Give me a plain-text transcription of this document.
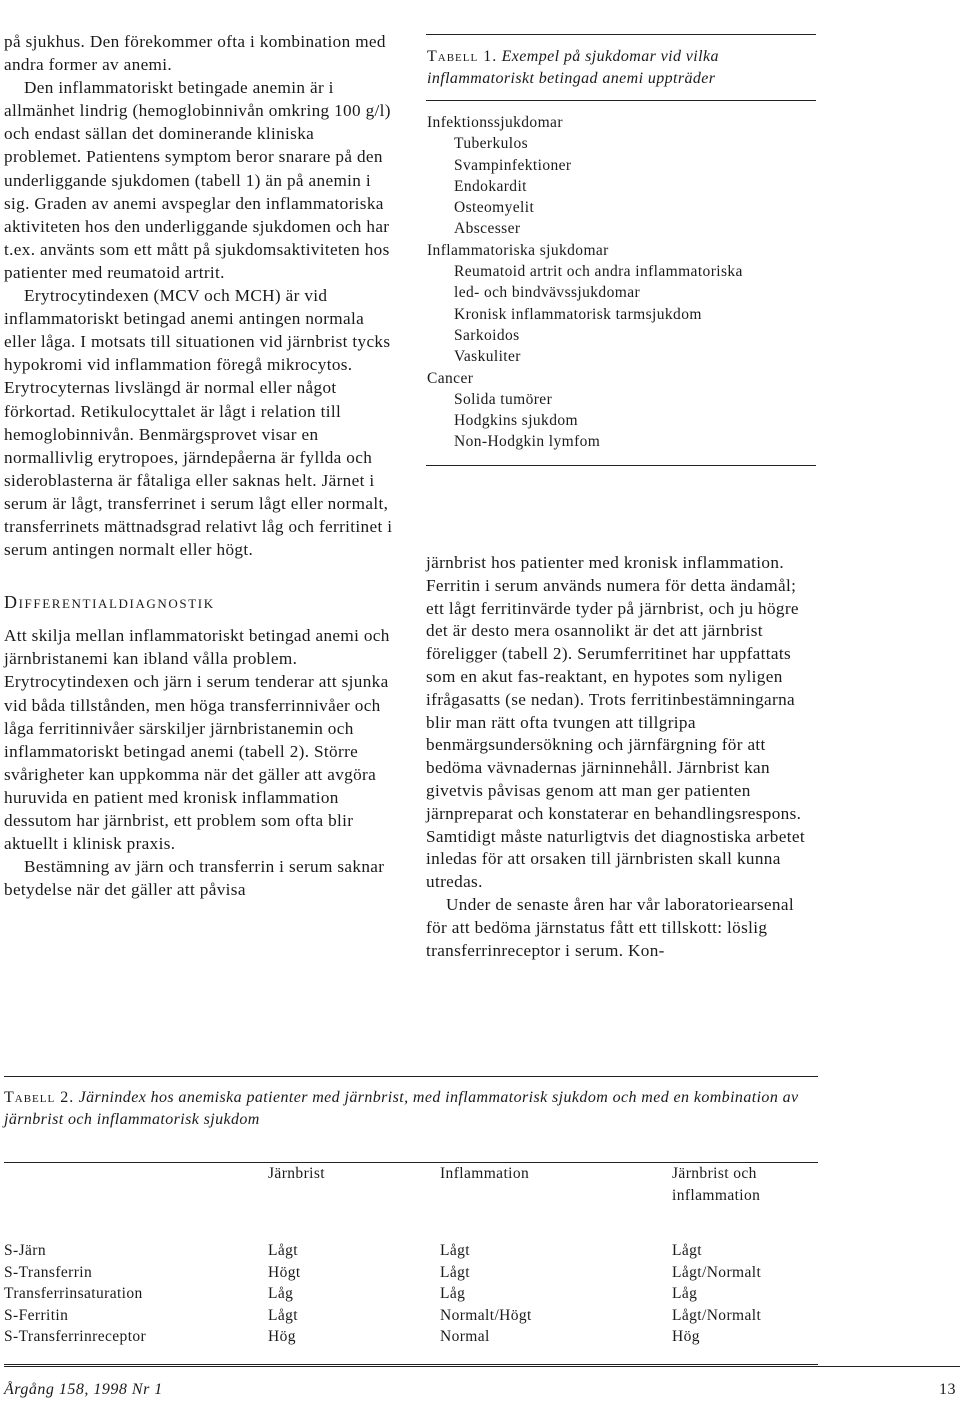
på sjukhus. Den förekommer ofta i kombination med andra former av anemi.

Den inflammatoriskt betingade anemin är i allmänhet lindrig (hemoglobinnivån omkring 100 g/l) och endast sällan det dominerande kliniska problemet. Patientens symptom beror snarare på den underliggande sjukdomen (tabell 1) än på anemin i sig. Graden av anemi avspeglar den inflammatoriska aktiviteten hos den underliggande sjukdomen och har t.ex. använts som ett mått på sjukdomsaktiviteten hos patienter med reumatoid artrit.

Erytrocytindexen (MCV och MCH) är vid inflammatoriskt betingad anemi antingen normala eller låga. I motsats till situationen vid järnbrist tycks hypokromi vid inflammation föregå mikrocytos. Erytrocyternas livslängd är normal eller något förkortad. Retikulocyttalet är lågt i relation till hemoglobinnivån. Benmärgsprovet visar en normallivlig erytropoes, järndepåerna är fyllda och sideroblasterna är fåtaliga eller saknas helt. Järnet i serum är lågt, transferrinet i serum lågt eller normalt, transferrinets mättnadsgrad relativt låg och ferritinet i serum antingen normalt eller högt.

Differentialdiagnostik

Att skilja mellan inflammatoriskt betingad anemi och järnbristanemi kan ibland vålla problem. Erytrocytindexen och järn i serum tenderar att sjunka vid båda tillstånden, men höga transferrinnivåer och låga ferritinnivåer särskiljer järnbristanemin och inflammatoriskt betingad anemi (tabell 2). Större svårigheter kan uppkomma när det gäller att avgöra huruvida en patient med kronisk inflammation dessutom har järnbrist, ett problem som ofta blir aktuellt i klinisk praxis.

Bestämning av järn och transferrin i serum saknar betydelse när det gäller att påvisa

Tabell 1. Exempel på sjukdomar vid vilka inflammatoriskt betingad anemi uppträder
Infektionssjukdomar
Tuberkulos
Svampinfektioner
Endokardit
Osteomyelit
Abscesser
Inflammatoriska sjukdomar
Reumatoid artrit och andra inflammatoriska
led- och bindvävssjukdomar
Kronisk inflammatorisk tarmsjukdom
Sarkoidos
Vaskuliter
Cancer
Solida tumörer
Hodgkins sjukdom
Non-Hodgkin lymfom

järnbrist hos patienter med kronisk inflammation. Ferritin i serum används numera för detta ändamål; ett lågt ferritinvärde tyder på järnbrist, och ju högre det är desto mera osannolikt är det att järnbrist föreligger (tabell 2). Serumferritinet har uppfattats som en akut fas-reaktant, en hypotes som nyligen ifrågasatts (se nedan). Trots ferritinbestämningarna blir man rätt ofta tvungen att tillgripa benmärgsundersökning och järnfärgning för att bedöma vävnadernas järninnehåll. Järnbrist kan givetvis påvisas genom att man ger patienten järnpreparat och konstaterar en behandlingsrespons. Samtidigt måste naturligtvis det diagnostiska arbetet inledas för att orsaken till järnbristen skall kunna utredas.

Under de senaste åren har vår laboratoriearsenal för att bedöma järnstatus fått ett tillskott: löslig transferrinreceptor i serum. Kon-

Tabell 2. Järnindex hos anemiska patienter med järnbrist, med inflammatorisk sjukdom och med en kombination av järnbrist och inflammatorisk sjukdom
	Järnbrist	Inflammation	Järnbrist och inflammation
S-Järn	Lågt	Lågt	Lågt
S-Transferrin	Högt	Lågt	Lågt/Normalt
Transferrinsaturation	Låg	Låg	Låg
S-Ferritin	Lågt	Normalt/Högt	Lågt/Normalt
S-Transferrinreceptor	Hög	Normal	Hög
Årgång 158, 1998 Nr 1	13
